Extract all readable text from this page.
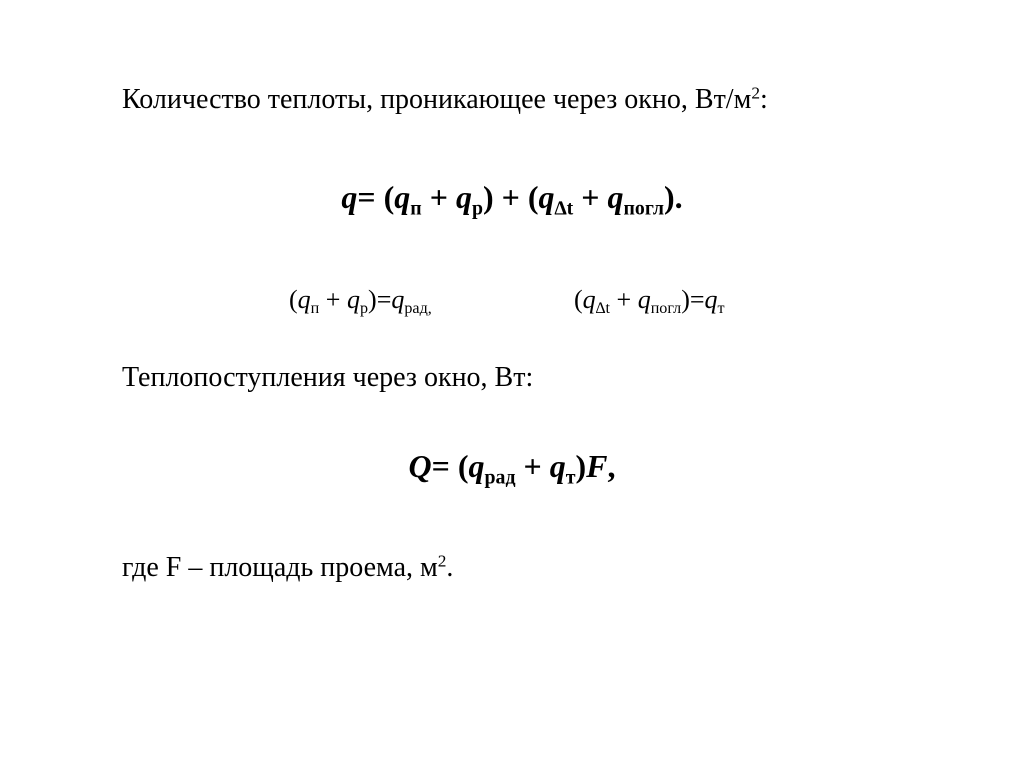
Количество теплоты, проникающее через окно, $Вт/м^2$:
$q= (q_п + q_р) + (q_{\Delta t} + q_{погл})$.
$(q_п + q_р)=q_{рад,}$	$(q_{\Delta t} + q_{погл})=q_т$
Теплопоступления через окно, Вт:
$Q= (q_{рад} + q_т)F$,
где F – площадь проема, $м^2$.
